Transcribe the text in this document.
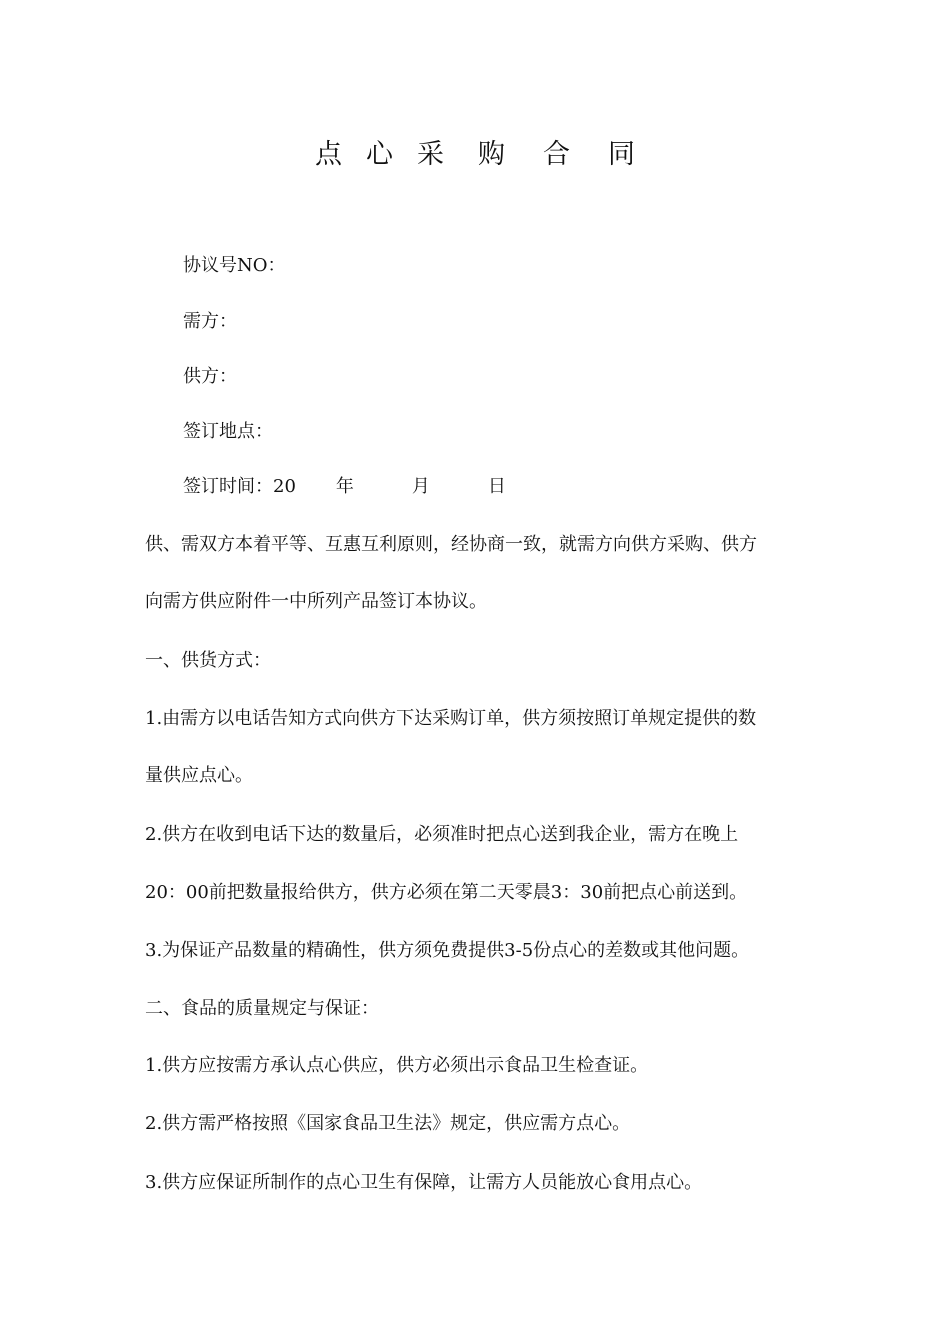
点 心 采 购 合 同
协议号NO：
需方：
供方：
签订地点：
签订时间：20 年	月	日
供、需双方本着平等、互惠互利原则，经协商一致，就需方向供方采购、供方
向需方供应附件一中所列产品签订本协议。
一、供货方式：
1.由需方以电话告知方式向供方下达采购订单，供方须按照订单规定提供的数
量供应点心。
2.供方在收到电话下达的数量后，必须准时把点心送到我企业，需方在晚上
20：00前把数量报给供方，供方必须在第二天零晨3：30前把点心前送到。
3.为保证产品数量的精确性，供方须免费提供3-5份点心的差数或其他问题。
二、食品的质量规定与保证：
1.供方应按需方承认点心供应，供方必须出示食品卫生检查证。
2.供方需严格按照《国家食品卫生法》规定，供应需方点心。
3.供方应保证所制作的点心卫生有保障，让需方人员能放心食用点心。
